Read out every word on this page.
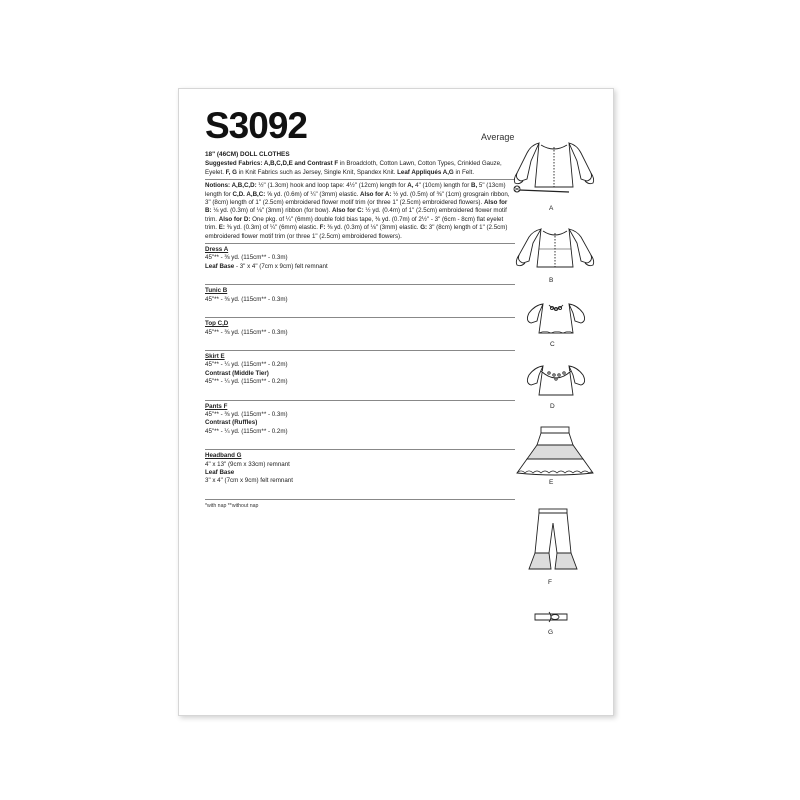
S3092	Average
18" (46CM) DOLL CLOTHES

Suggested Fabrics: A,B,C,D,E and Contrast F in Broadcloth, Cotton Lawn, Cotton Types, Crinkled Gauze, Eyelet. F, G in Knit Fabrics such as Jersey, Single Knit, Spandex Knit. Leaf Appliqués A,G in Felt.

Notions: A,B,C,D: ½" (1.3cm) hook and loop tape: 4½" (12cm) length for A, 4" (10cm) length for B, 5" (13cm) length for C,D. A,B,C: ⅝ yd. (0.6m) of ¼" (3mm) elastic. Also for A: ½ yd. (0.5m) of ⅜" (1cm) grosgrain ribbon, 3" (8cm) length of 1" (2.5cm) embroidered flower motif trim (or three 1" (2.5cm) embroidered flowers). Also for B: ⅛ yd. (0.3m) of ⅛" (3mm) ribbon (for bow). Also for C: ½ yd. (0.4m) of 1" (2.5cm) embroidered flower motif trim. Also for D: One pkg. of ¼" (6mm) double fold bias tape, ⅜ yd. (0.7m) of 2½" - 3" (6cm - 8cm) flat eyelet trim. E: ⅜ yd. (0.3m) of ¼" (6mm) elastic. F: ⅜ yd. (0.3m) of ⅛" (3mm) elastic. G: 3" (8cm) length of 1" (2.5cm) embroidered flower motif trim (or three 1" (2.5cm) embroidered flowers).

Dress A
45"** - ⅜ yd. (115cm** - 0.3m)
Leaf Base - 3" x 4" (7cm x 9cm) felt remnant
Tunic B
45"** - ⅜ yd. (115cm** - 0.3m)
Top C,D
45"** - ⅜ yd. (115cm** - 0.3m)
Skirt E
45"** - ¼ yd. (115cm** - 0.2m)
Contrast (Middle Tier)
45"** - ¼ yd. (115cm** - 0.2m)
Pants F
45"** - ⅜ yd. (115cm** - 0.3m)
Contrast (Ruffles)
45"** - ¼ yd. (115cm** - 0.2m)
Headband G
4" x 13" (9cm x 33cm) remnant
Leaf Base
3" x 4" (7cm x 9cm) felt remnant
*with nap **without nap
A
B
C
D
E
F
G
